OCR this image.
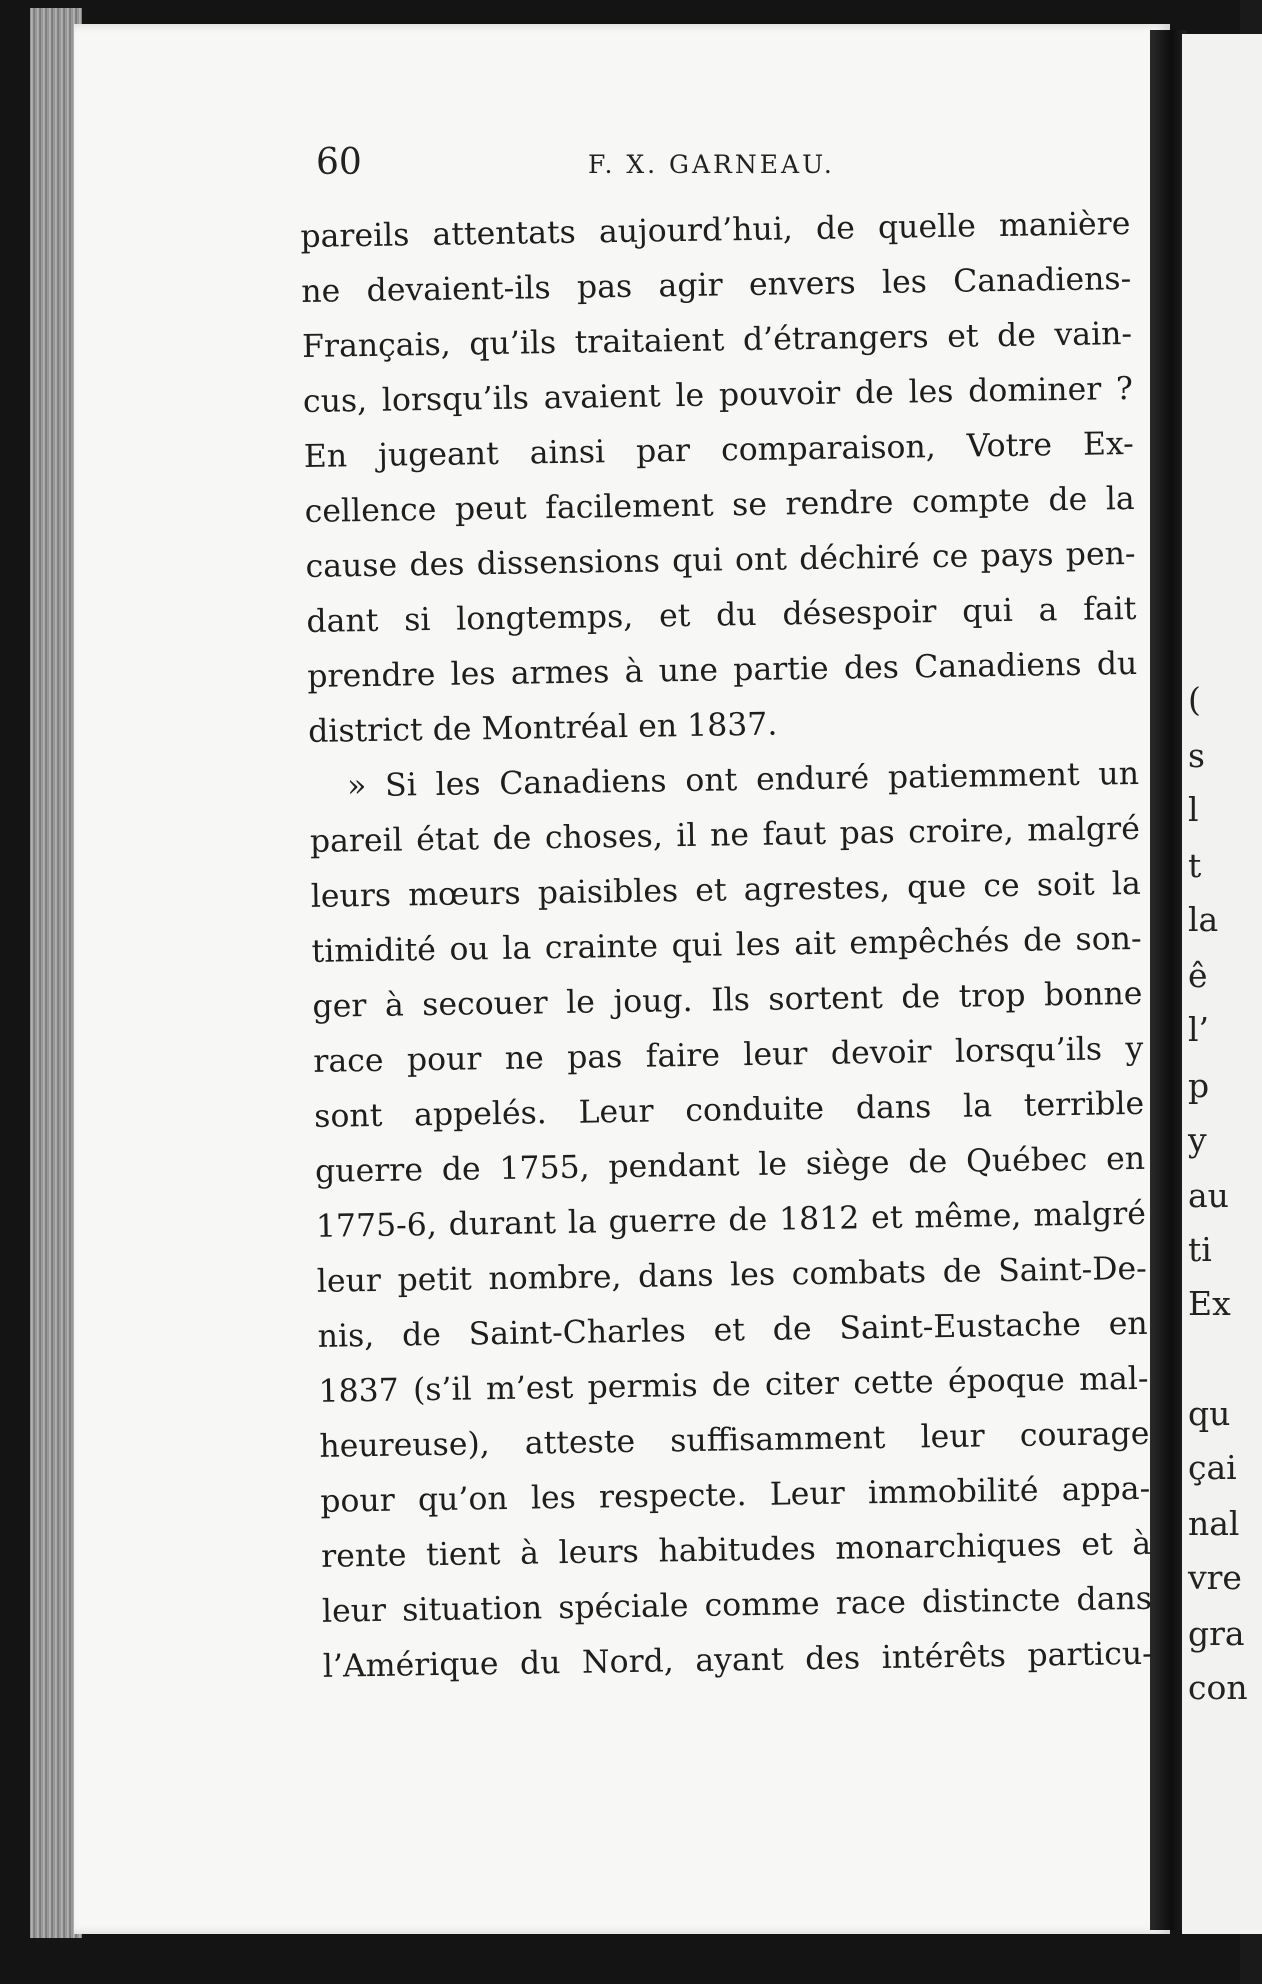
(
s
l
t
la
ê
l’
p
y
au
ti
Ex
qu
çai
nal
vre
gra
con
60	F. X. GARNEAU.
pareils attentats aujourd’hui, de quelle manière
ne devaient-ils pas agir envers les Canadiens-
Français, qu’ils traitaient d’étrangers et de vain-
cus, lorsqu’ils avaient le pouvoir de les dominer ?
En jugeant ainsi par comparaison, Votre Ex-
cellence peut facilement se rendre compte de la
cause des dissensions qui ont déchiré ce pays pen-
dant si longtemps, et du désespoir qui a fait
prendre les armes à une partie des Canadiens du
district de Montréal en 1837.
» Si les Canadiens ont enduré patiemment un
pareil état de choses, il ne faut pas croire, malgré
leurs mœurs paisibles et agrestes, que ce soit la
timidité ou la crainte qui les ait empêchés de son-
ger à secouer le joug. Ils sortent de trop bonne
race pour ne pas faire leur devoir lorsqu’ils y
sont appelés. Leur conduite dans la terrible
guerre de 1755, pendant le siège de Québec en
1775-6, durant la guerre de 1812 et même, malgré
leur petit nombre, dans les combats de Saint-De-
nis, de Saint-Charles et de Saint-Eustache en
1837 (s’il m’est permis de citer cette époque mal-
heureuse), atteste suffisamment leur courage
pour qu’on les respecte. Leur immobilité appa-
rente tient à leurs habitudes monarchiques et à
leur situation spéciale comme race distincte dans
l’Amérique du Nord, ayant des intérêts particu-
